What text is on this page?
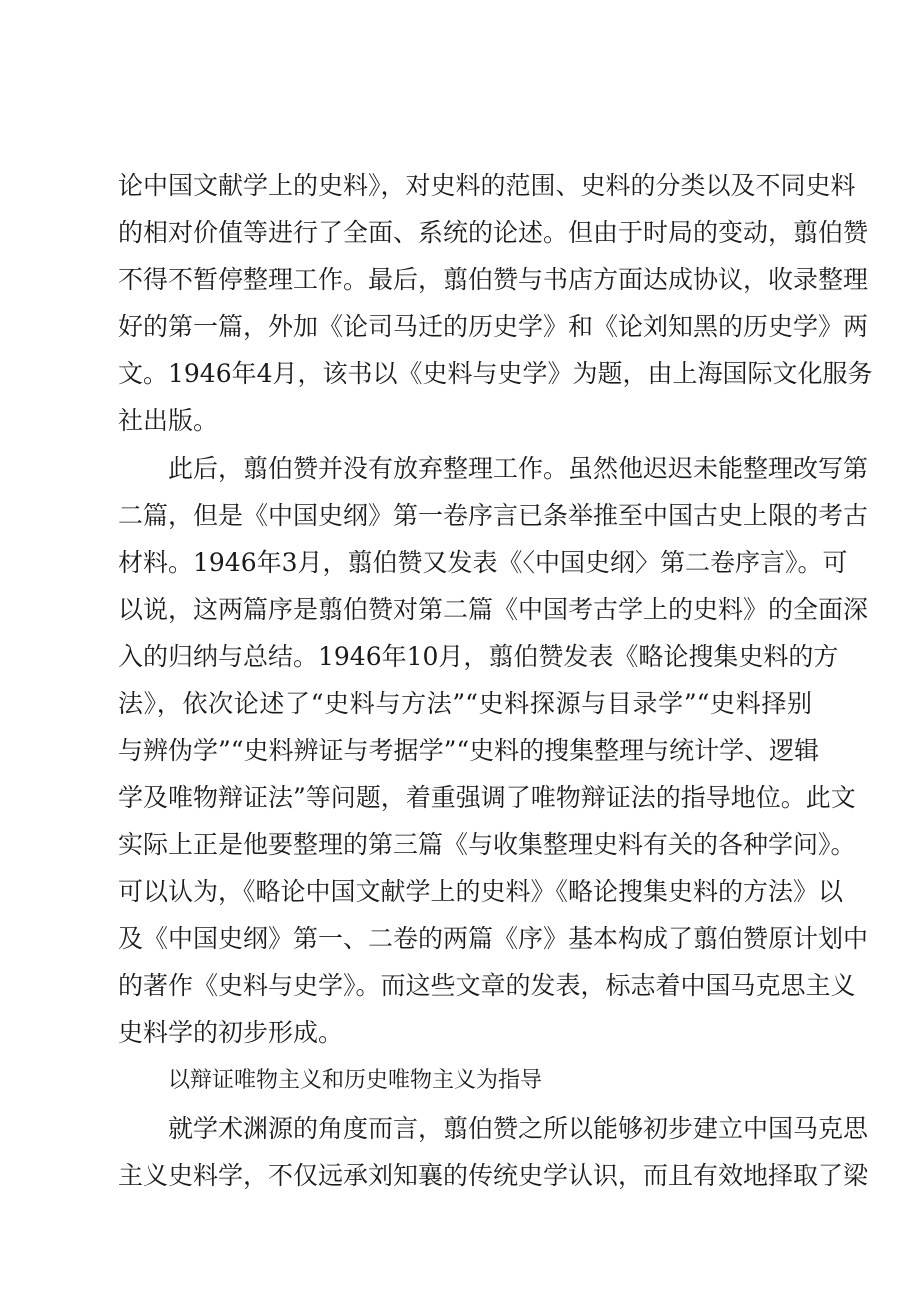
论中国文献学上的史料》，对史料的范围、史料的分类以及不同史料
的相对价值等进行了全面、系统的论述。但由于时局的变动，翦伯赞
不得不暂停整理工作。最后，翦伯赞与书店方面达成协议，收录整理
好的第一篇，外加《论司马迁的历史学》和《论刘知黑的历史学》两
文。1946年4月，该书以《史料与史学》为题，由上海国际文化服务
社出版。
此后，翦伯赞并没有放弃整理工作。虽然他迟迟未能整理改写第
二篇，但是《中国史纲》第一卷序言已条举推至中国古史上限的考古
材料。1946年3月，翦伯赞又发表《〈中国史纲〉第二卷序言》。可
以说，这两篇序是翦伯赞对第二篇《中国考古学上的史料》的全面深
入的归纳与总结。1946年10月，翦伯赞发表《略论搜集史料的方
法》，依次论述了“史料与方法”“史料探源与目录学”“史料择别
与辨伪学”“史料辨证与考据学”“史料的搜集整理与统计学、逻辑
学及唯物辩证法”等问题，着重强调了唯物辩证法的指导地位。此文
实际上正是他要整理的第三篇《与收集整理史料有关的各种学问》。
可以认为，《略论中国文献学上的史料》《略论搜集史料的方法》以
及《中国史纲》第一、二卷的两篇《序》基本构成了翦伯赞原计划中
的著作《史料与史学》。而这些文章的发表，标志着中国马克思主义
史料学的初步形成。
以辩证唯物主义和历史唯物主义为指导
就学术渊源的角度而言，翦伯赞之所以能够初步建立中国马克思
主义史料学，不仅远承刘知襄的传统史学认识，而且有效地择取了梁
